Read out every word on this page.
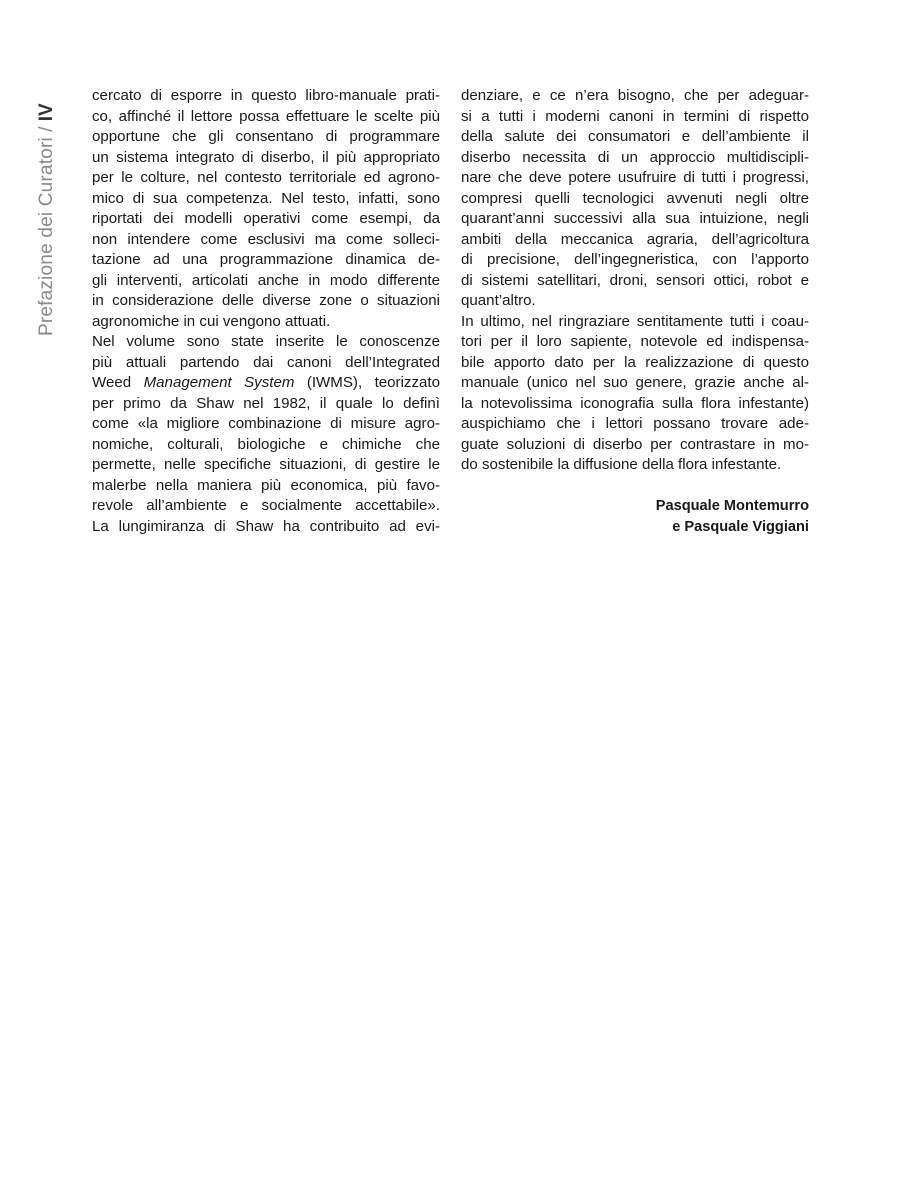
Prefazione dei Curatori / IV

cercato di esporre in questo libro-manuale prati-
co, affinché il lettore possa effettuare le scelte più
opportune che gli consentano di programmare
un sistema integrato di diserbo, il più appropriato
per le colture, nel contesto territoriale ed agrono-
mico di sua competenza. Nel testo, infatti, sono
riportati dei modelli operativi come esempi, da
non intendere come esclusivi ma come solleci-
tazione ad una programmazione dinamica de-
gli interventi, articolati anche in modo differente
in considerazione delle diverse zone o situazioni
agronomiche in cui vengono attuati.

Nel volume sono state inserite le conoscenze
più attuali partendo dai canoni dell’Integrated
Weed Management System (IWMS), teorizzato
per primo da Shaw nel 1982, il quale lo definì
come «la migliore combinazione di misure agro-
nomiche, colturali, biologiche e chimiche che
permette, nelle specifiche situazioni, di gestire le
malerbe nella maniera più economica, più favo-
revole all’ambiente e socialmente accettabile».
La lungimiranza di Shaw ha contribuito ad evi-

denziare, e ce n’era bisogno, che per adeguar-
si a tutti i moderni canoni in termini di rispetto
della salute dei consumatori e dell’ambiente il
diserbo necessita di un approccio multidiscipli-
nare che deve potere usufruire di tutti i progressi,
compresi quelli tecnologici avvenuti negli oltre
quarant’anni successivi alla sua intuizione, negli
ambiti della meccanica agraria, dell’agricoltura
di precisione, dell’ingegneristica, con l’apporto
di sistemi satellitari, droni, sensori ottici, robot e
quant’altro.

In ultimo, nel ringraziare sentitamente tutti i coau-
tori per il loro sapiente, notevole ed indispensa-
bile apporto dato per la realizzazione di questo
manuale (unico nel suo genere, grazie anche al-
la notevolissima iconografia sulla flora infestante)
auspichiamo che i lettori possano trovare ade-
guate soluzioni di diserbo per contrastare in mo-
do sostenibile la diffusione della flora infestante.

Pasquale Montemurro
e Pasquale Viggiani
